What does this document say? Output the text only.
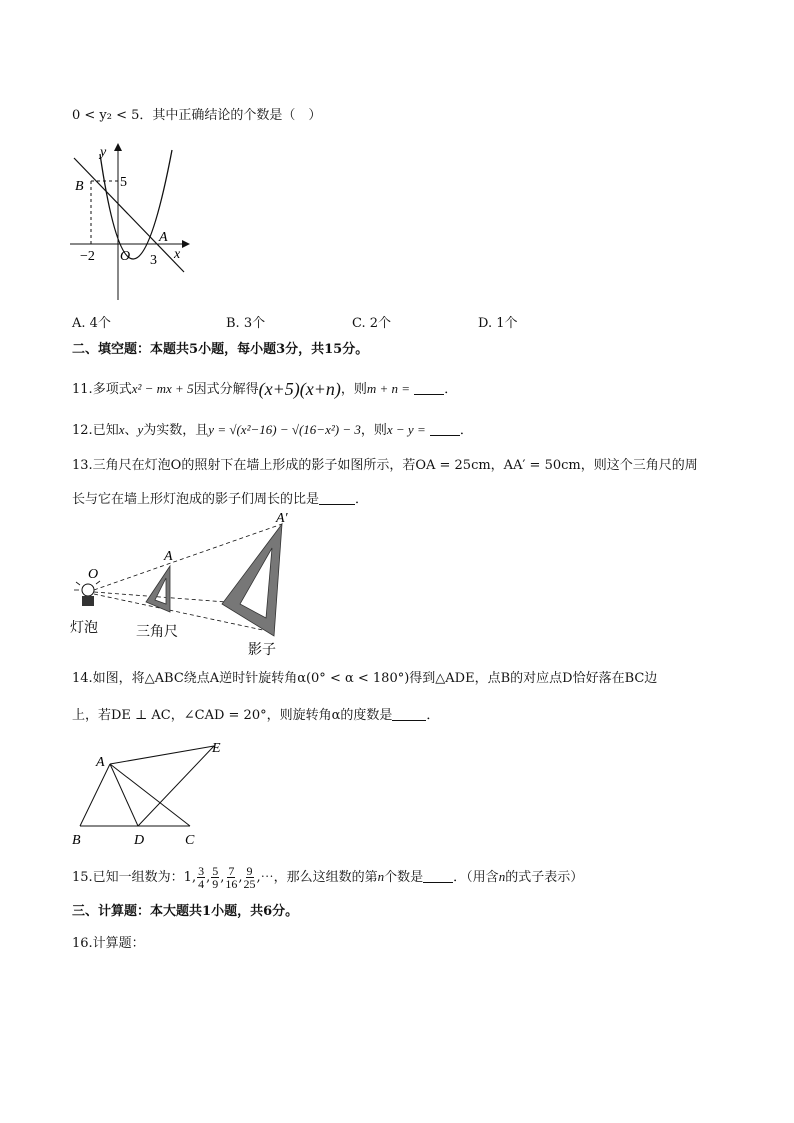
0 < y₂ < 5．其中正确结论的个数是（　）
y
x
B
A
O
5
−2	3
A. 4个	B. 3个	C. 2个	D. 1个
二、填空题：本题共5小题，每小题3分，共15分。
11.多项式x² − mx + 5因式分解得(x+5)(x+n)，则m + n =	．
12.已知x、y为实数，且y = √(x²−16) − √(16−x²) − 3，则x − y =	．
13.三角尺在灯泡O的照射下在墙上形成的影子如图所示，若OA = 25cm，AA′ = 50cm，则这个三角尺的周
长与它在墙上形灯泡成的影子们周长的比是	．
O
A
A′
灯泡	三角尺
影子
14.如图，将△ABC绕点A逆时针旋转角α(0° < α < 180°)得到△ADE，点B的对应点D恰好落在BC边
上，若DE ⊥ AC，∠CAD = 20°，则旋转角α的度数是	．
A
E
B	D	C
15.已知一组数为：1, $\frac{3}{4}$ , $\frac{5}{9}$ , $\frac{7}{16}$ , $\frac{9}{25}$ ,⋯，那么这组数的第n个数是 ．（用含n的式子表示）
三、计算题：本大题共1小题，共6分。
16.计算题：
